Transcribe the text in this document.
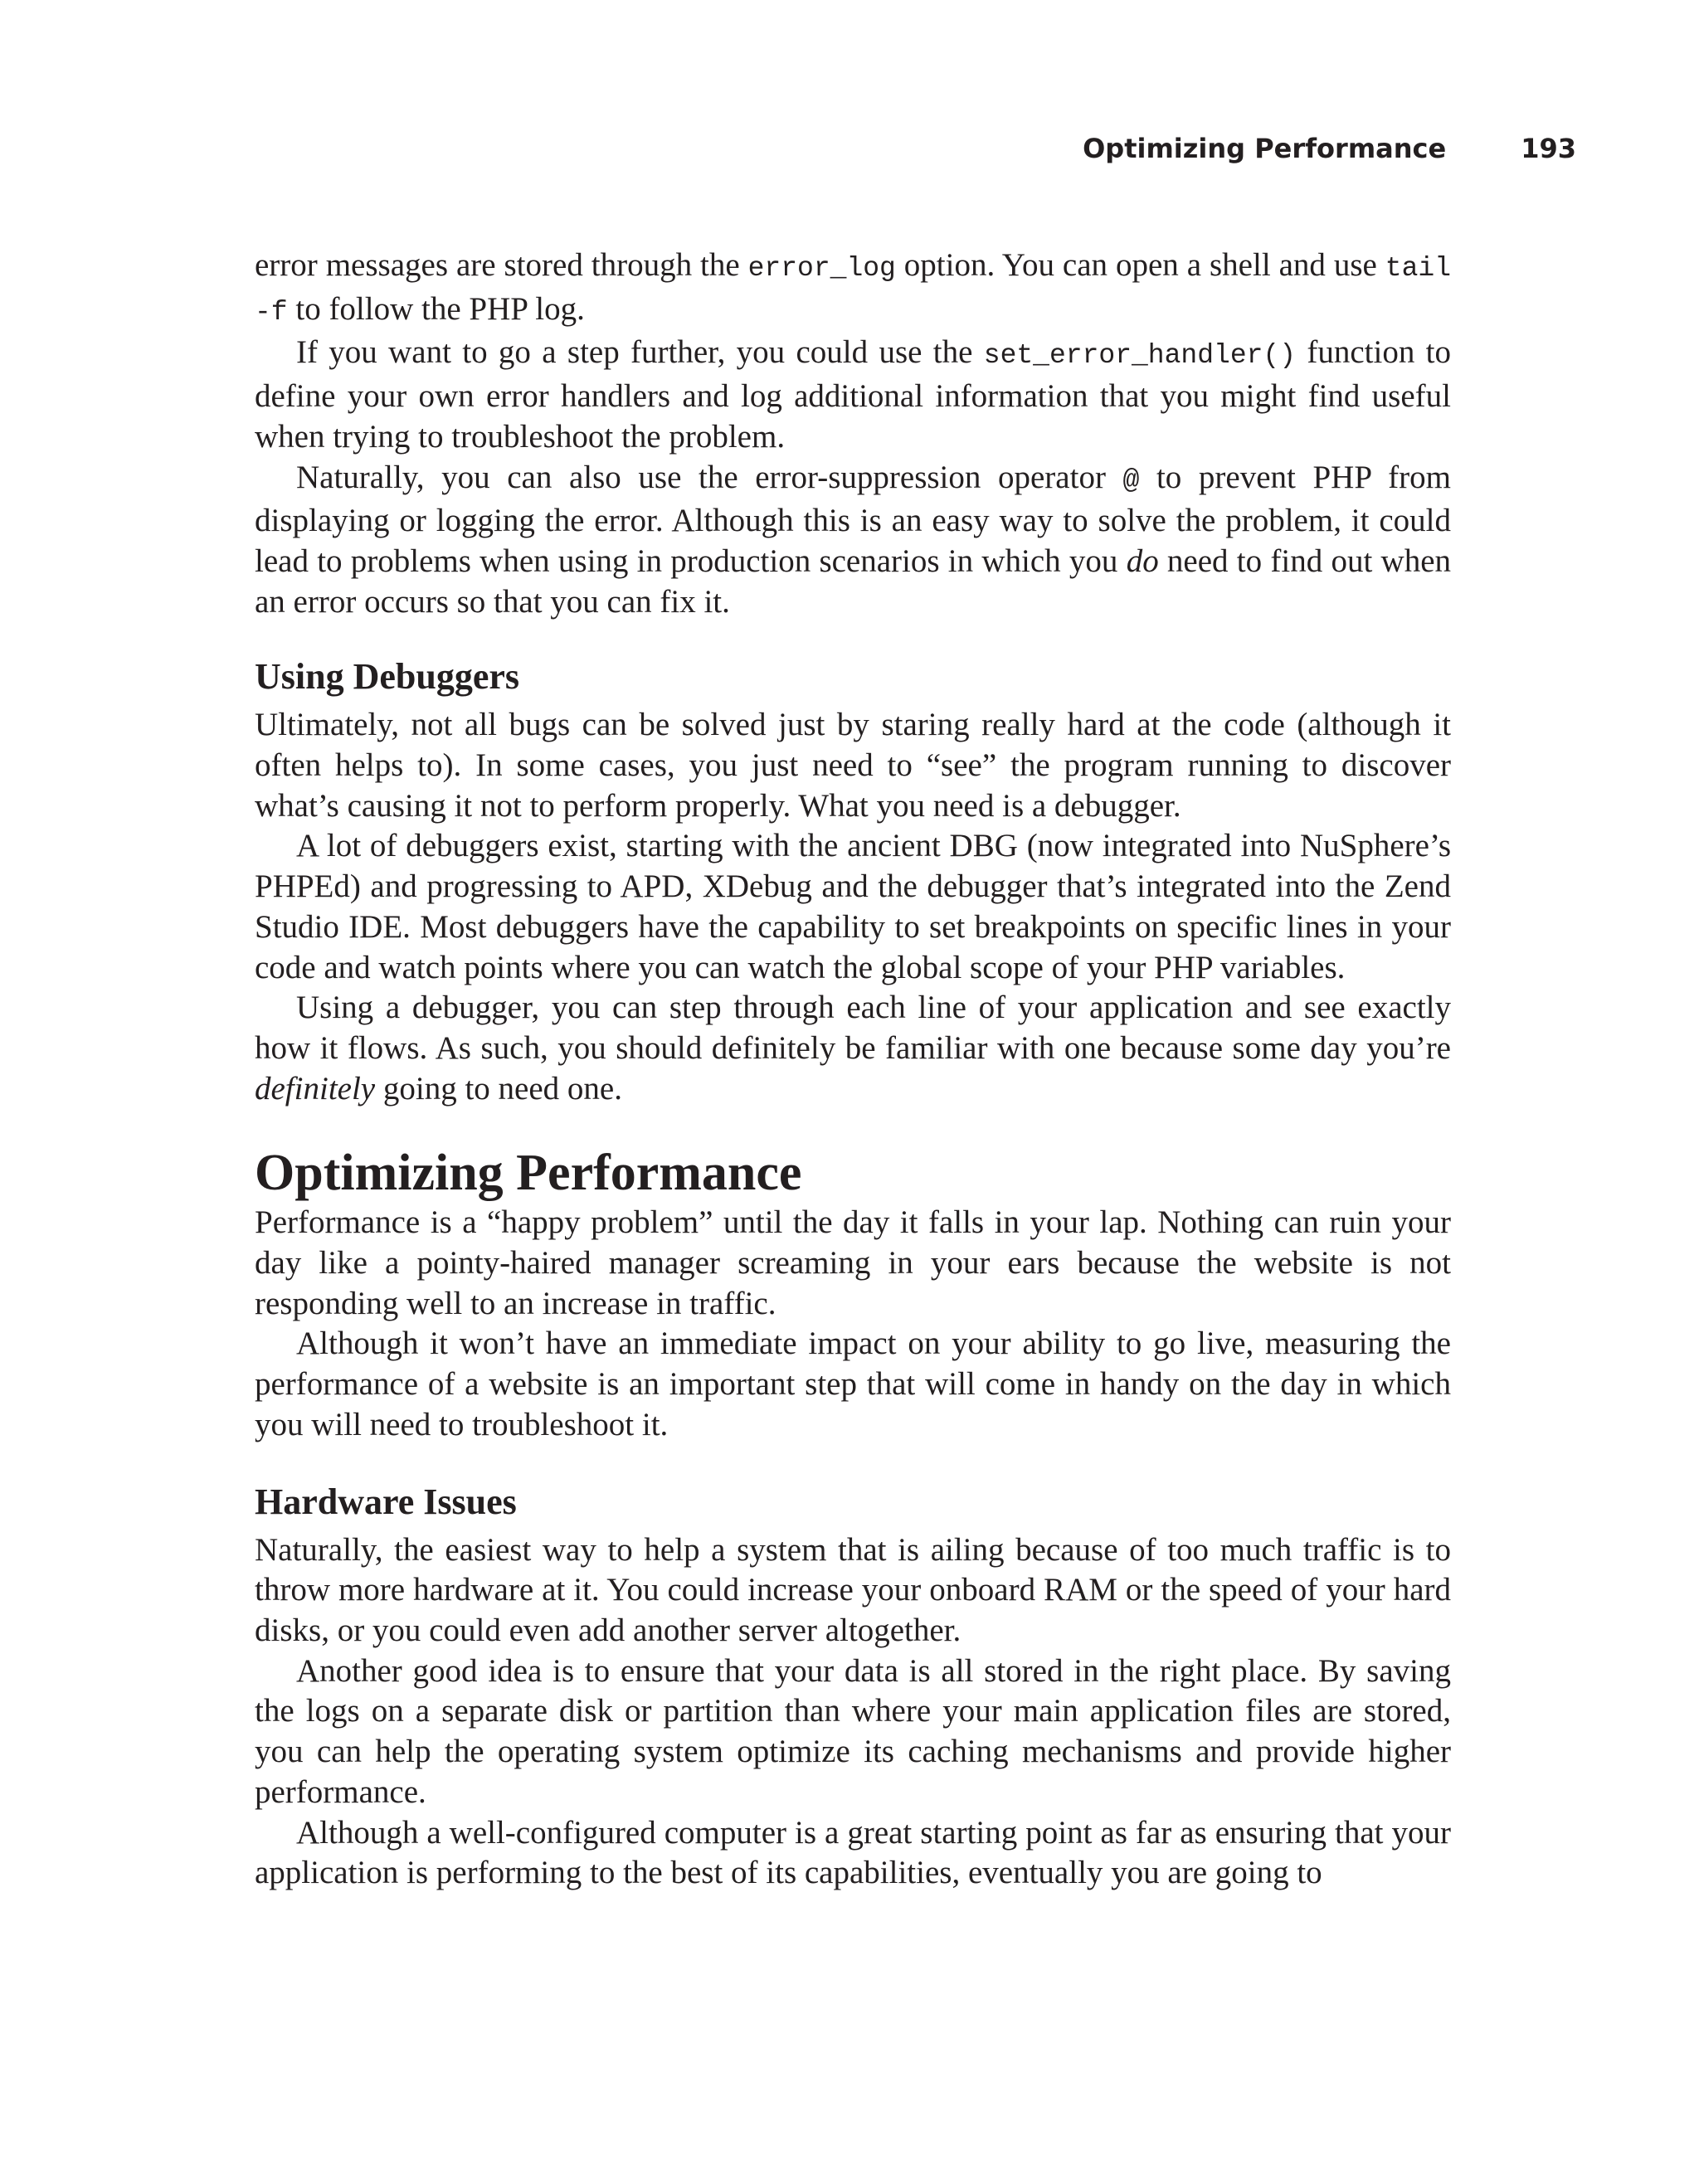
Optimizing Performance	193

error messages are stored through the error_log option. You can open a shell and use tail -f to follow the PHP log.

If you want to go a step further, you could use the set_error_handler() function to define your own error handlers and log additional information that you might find useful when trying to troubleshoot the problem.

Naturally, you can also use the error-suppression operator @ to prevent PHP from displaying or logging the error. Although this is an easy way to solve the problem, it could lead to problems when using in production scenarios in which you do need to find out when an error occurs so that you can fix it.

Using Debuggers

Ultimately, not all bugs can be solved just by staring really hard at the code (although it often helps to). In some cases, you just need to “see” the program running to discover what’s causing it not to perform properly. What you need is a debugger.

A lot of debuggers exist, starting with the ancient DBG (now integrated into NuSphere’s PHPEd) and progressing to APD, XDebug and the debugger that’s integrated into the Zend Studio IDE. Most debuggers have the capability to set breakpoints on specific lines in your code and watch points where you can watch the global scope of your PHP variables.

Using a debugger, you can step through each line of your application and see exactly how it flows. As such, you should definitely be familiar with one because some day you’re definitely going to need one.

Optimizing Performance

Performance is a “happy problem” until the day it falls in your lap. Nothing can ruin your day like a pointy-haired manager screaming in your ears because the website is not responding well to an increase in traffic.

Although it won’t have an immediate impact on your ability to go live, measuring the performance of a website is an important step that will come in handy on the day in which you will need to troubleshoot it.

Hardware Issues

Naturally, the easiest way to help a system that is ailing because of too much traffic is to throw more hardware at it. You could increase your onboard RAM or the speed of your hard disks, or you could even add another server altogether.

Another good idea is to ensure that your data is all stored in the right place. By saving the logs on a separate disk or partition than where your main application files are stored, you can help the operating system optimize its caching mechanisms and provide higher performance.

Although a well-configured computer is a great starting point as far as ensuring that your application is performing to the best of its capabilities, eventually you are going to
